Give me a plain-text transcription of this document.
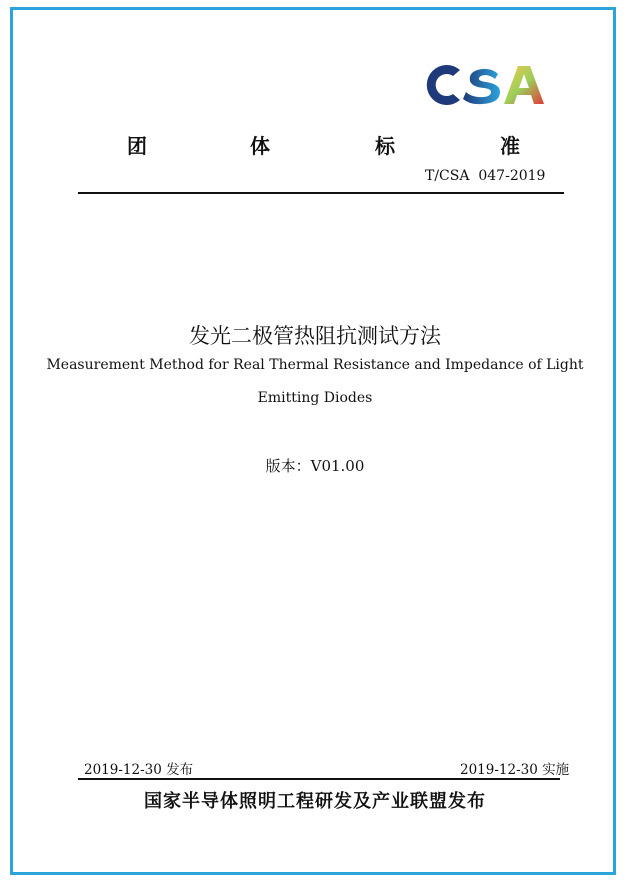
团	体	标	准
T/CSA  047-2019
发光二极管热阻抗测试方法
Measurement Method for Real Thermal Resistance and Impedance of Light
Emitting Diodes
版本：V01.00
2019-12-30 发布	2019-12-30 实施
国家半导体照明工程研发及产业联盟发布
